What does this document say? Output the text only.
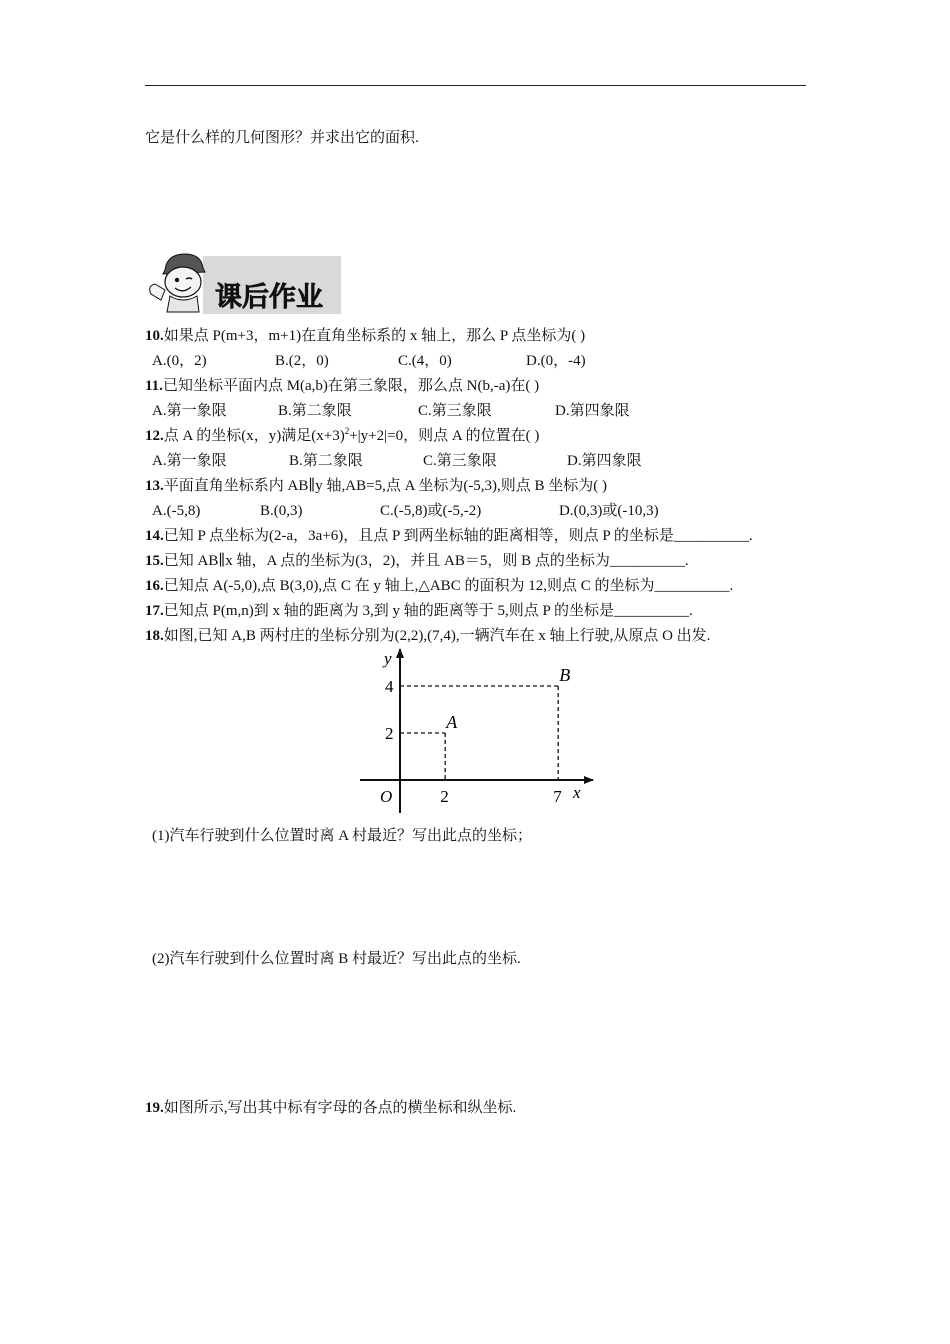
它是什么样的几何图形？并求出它的面积.
课后作业
10.如果点 P(m+3，m+1)在直角坐标系的 x 轴上，那么 P 点坐标为( )
A.(0，2)	B.(2，0)	C.(4，0)	D.(0，-4)
11.已知坐标平面内点 M(a,b)在第三象限，那么点 N(b,-a)在( )
A.第一象限	B.第二象限	C.第三象限	D.第四象限
12.点 A 的坐标(x，y)满足$(x+3)^2+|y+2|=0$，则点 A 的位置在( )
A.第一象限	B.第二象限	C.第三象限	D.第四象限
13.平面直角坐标系内 AB∥y 轴,AB=5,点 A 坐标为(-5,3),则点 B 坐标为( )
A.(-5,8)	B.(0,3)	C.(-5,8)或(-5,-2)	D.(0,3)或(-10,3)
14.已知 P 点坐标为(2-a，3a+6)，且点 P 到两坐标轴的距离相等，则点 P 的坐标是__________.
15.已知 AB∥x 轴，A 点的坐标为(3，2)，并且 AB＝5，则 B 点的坐标为__________.
16.已知点 A(-5,0),点 B(3,0),点 C 在 y 轴上,△ABC 的面积为 12,则点 C 的坐标为__________.
17.已知点 P(m,n)到 x 轴的距离为 3,到 y 轴的距离等于 5,则点 P 的坐标是__________.
18.如图,已知 A,B 两村庄的坐标分别为(2,2),(7,4),一辆汽车在 x 轴上行驶,从原点 O 出发.
A
B
2	7
2
4
y
x
O
(1)汽车行驶到什么位置时离 A 村最近？写出此点的坐标；
(2)汽车行驶到什么位置时离 B 村最近？写出此点的坐标.
19.如图所示,写出其中标有字母的各点的横坐标和纵坐标.
